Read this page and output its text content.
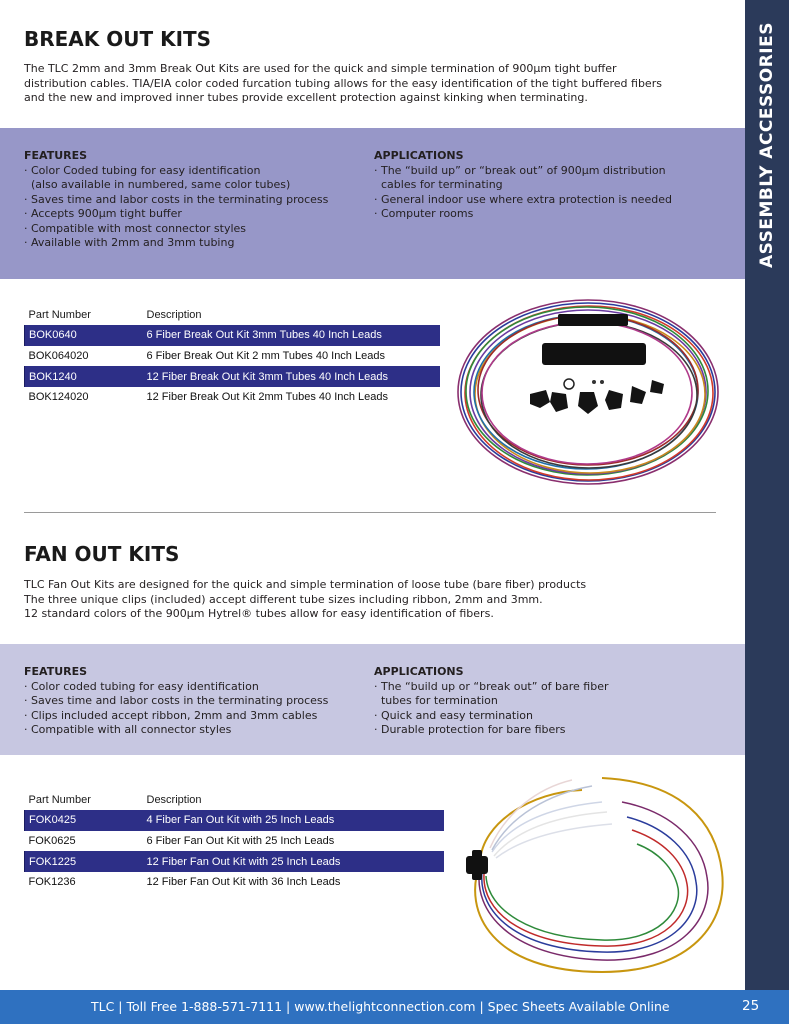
ASSEMBLY ACCESSORIES
BREAK OUT KITS
The TLC 2mm and 3mm Break Out Kits are used for the quick and simple termination of 900μm tight buffer
distribution cables. TIA/EIA color coded furcation tubing allows for the easy identification of the tight buffered fibers
and the new and improved inner tubes provide excellent protection against kinking when terminating.
FEATURES
· Color Coded tubing for easy identification
(also available in numbered, same color tubes)
· Saves time and labor costs in the terminating process
· Accepts 900μm tight buffer
· Compatible with most connector styles
· Available with 2mm and 3mm tubing
APPLICATIONS
· The “build up” or “break out” of 900μm distribution
cables for terminating
· General indoor use where extra protection is needed
· Computer rooms
Part Number	Description
BOK0640	6 Fiber Break Out Kit 3mm Tubes 40 Inch Leads
BOK064020	6 Fiber Break Out Kit 2 mm Tubes 40 Inch Leads
BOK1240	12 Fiber Break Out Kit 3mm Tubes 40 Inch Leads
BOK124020	12 Fiber Break Out Kit 2mm Tubes 40 Inch Leads
FAN OUT KITS
TLC Fan Out Kits are designed for the quick and simple termination of loose tube (bare fiber) products
The three unique clips (included) accept different tube sizes including ribbon, 2mm and 3mm.
12 standard colors of the 900μm Hytrel® tubes allow for easy identification of fibers.
FEATURES
· Color coded tubing for easy identification
· Saves time and labor costs in the terminating process
· Clips included accept ribbon, 2mm and 3mm cables
· Compatible with all connector styles
APPLICATIONS
· The “build up or “break out” of bare fiber
tubes for termination
· Quick and easy termination
· Durable protection for bare fibers
Part Number	Description
FOK0425	4 Fiber Fan Out Kit with 25 Inch Leads
FOK0625	6 Fiber Fan Out Kit with 25 Inch Leads
FOK1225	12 Fiber Fan Out Kit with 25 Inch Leads
FOK1236	12 Fiber Fan Out Kit with 36 Inch Leads
TLC | Toll Free 1-888-571-7111 | www.thelightconnection.com | Spec Sheets Available Online	25
